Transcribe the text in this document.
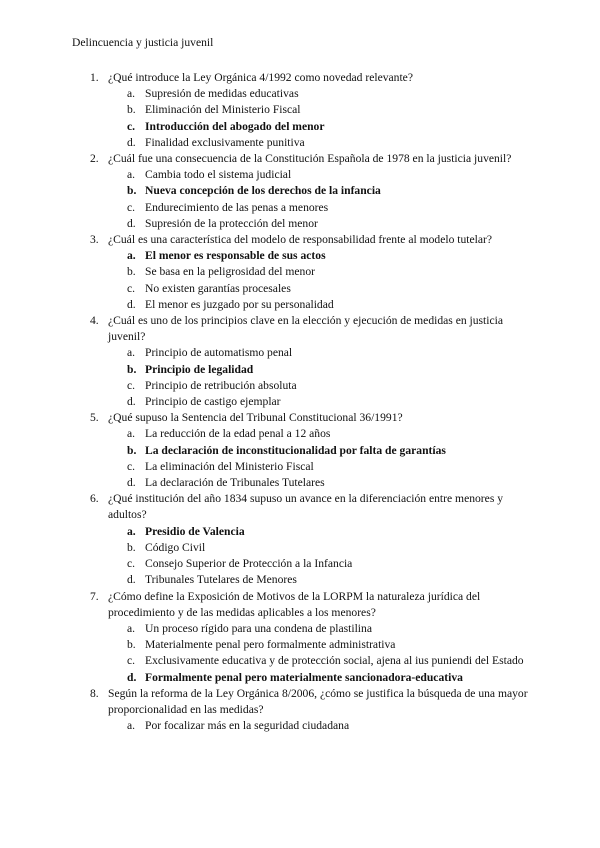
Delincuencia y justicia juvenil
1. ¿Qué introduce la Ley Orgánica 4/1992 como novedad relevante?
a. Supresión de medidas educativas
b. Eliminación del Ministerio Fiscal
c. Introducción del abogado del menor
d. Finalidad exclusivamente punitiva
2. ¿Cuál fue una consecuencia de la Constitución Española de 1978 en la justicia juvenil?
a. Cambia todo el sistema judicial
b. Nueva concepción de los derechos de la infancia
c. Endurecimiento de las penas a menores
d. Supresión de la protección del menor
3. ¿Cuál es una característica del modelo de responsabilidad frente al modelo tutelar?
a. El menor es responsable de sus actos
b. Se basa en la peligrosidad del menor
c. No existen garantías procesales
d. El menor es juzgado por su personalidad
4. ¿Cuál es uno de los principios clave en la elección y ejecución de medidas en justicia juvenil?
a. Principio de automatismo penal
b. Principio de legalidad
c. Principio de retribución absoluta
d. Principio de castigo ejemplar
5. ¿Qué supuso la Sentencia del Tribunal Constitucional 36/1991?
a. La reducción de la edad penal a 12 años
b. La declaración de inconstitucionalidad por falta de garantías
c. La eliminación del Ministerio Fiscal
d. La declaración de Tribunales Tutelares
6. ¿Qué institución del año 1834 supuso un avance en la diferenciación entre menores y adultos?
a. Presidio de Valencia
b. Código Civil
c. Consejo Superior de Protección a la Infancia
d. Tribunales Tutelares de Menores
7. ¿Cómo define la Exposición de Motivos de la LORPM la naturaleza jurídica del procedimiento y de las medidas aplicables a los menores?
a. Un proceso rígido para una condena de plastilina
b. Materialmente penal pero formalmente administrativa
c. Exclusivamente educativa y de protección social, ajena al ius puniendi del Estado
d. Formalmente penal pero materialmente sancionadora-educativa
8. Según la reforma de la Ley Orgánica 8/2006, ¿cómo se justifica la búsqueda de una mayor proporcionalidad en las medidas?
a. Por focalizar más en la seguridad ciudadana
